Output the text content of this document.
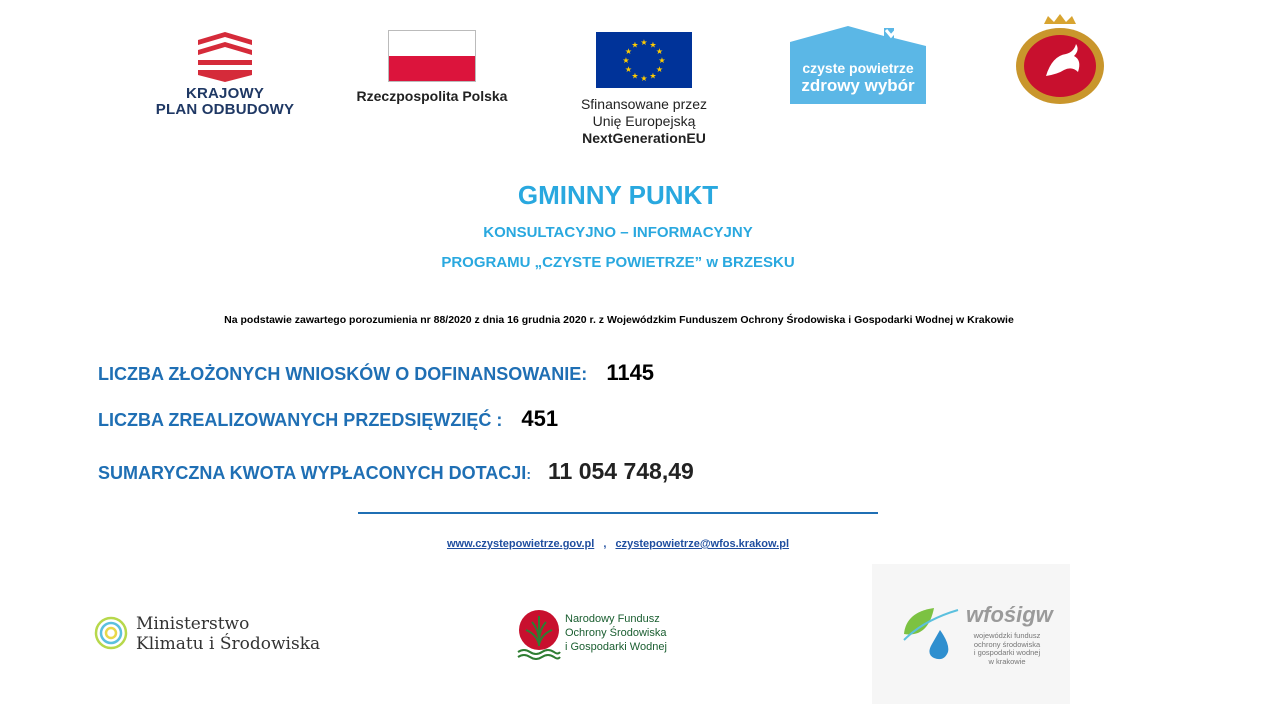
KRAJOWY
PLAN ODBUDOWY
Rzeczpospolita Polska
★ ★
★
★
★
★
★
★
★
★
★
★
Sfinansowane przez
Unię Europejską
NextGenerationEU
czyste powietrze
zdrowy wybór
GMINNY PUNKT
KONSULTACYJNO – INFORMACYJNY
PROGRAMU „CZYSTE POWIETRZE” w BRZESKU
Na podstawie zawartego porozumienia nr 88/2020 z dnia 16 grudnia 2020 r. z Wojewódzkim Funduszem Ochrony Środowiska i Gospodarki Wodnej w Krakowie
LICZBA ZŁOŻONYCH WNIOSKÓW O DOFINANSOWANIE: 1145
LICZBA ZREALIZOWANYCH PRZEDSIĘWZIĘĆ : 451
SUMARYCZNA KWOTA WYPŁACONYCH DOTACJI: 11 054 748,49
www.czystepowietrze.gov.pl , czystepowietrze@wfos.krakow.pl
Ministerstwo
Klimatu i Środowiska
Narodowy Fundusz
Ochrony Środowiska
i Gospodarki Wodnej
wfośigw
wojewódzki fundusz
ochrony środowiska
i gospodarki wodnej
w krakowie
